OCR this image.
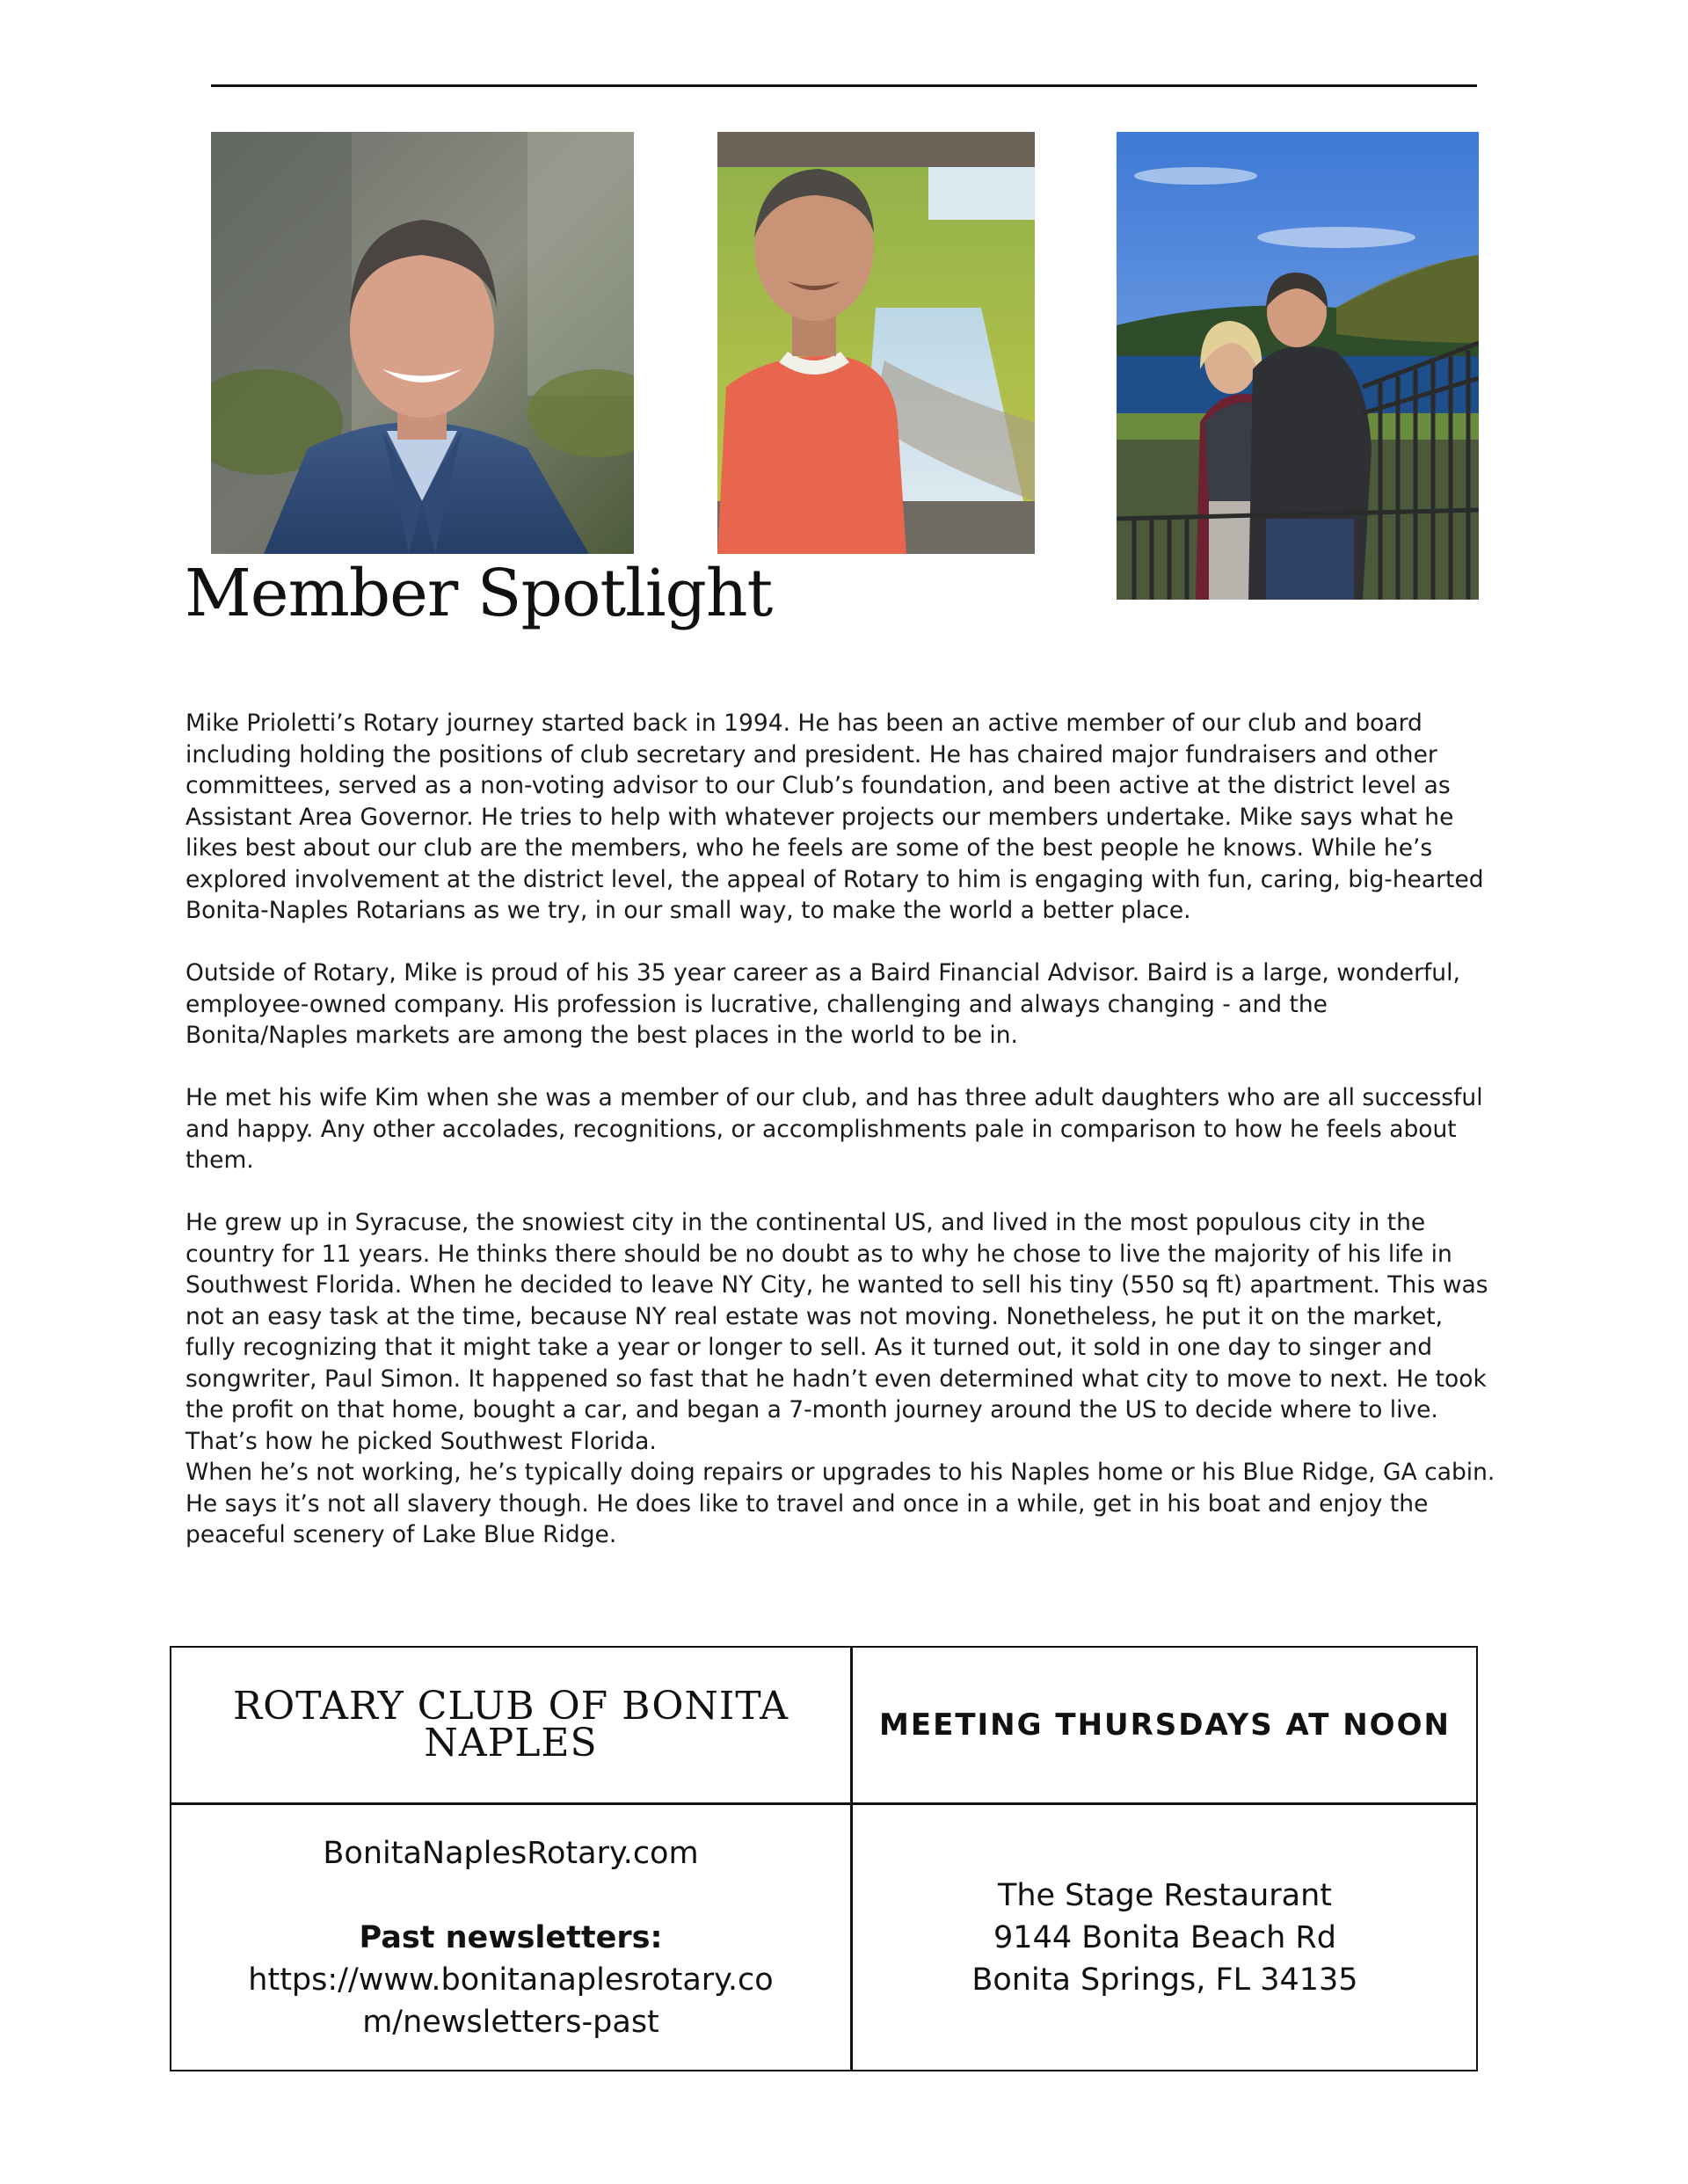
Member Spotlight

Mike Prioletti’s Rotary journey started back in 1994. He has been an active member of our club and board including holding the positions of club secretary and president. He has chaired major fundraisers and other committees, served as a non-voting advisor to our Club’s foundation, and been active at the district level as Assistant Area Governor. He tries to help with whatever projects our members undertake. Mike says what he likes best about our club are the members, who he feels are some of the best people he knows. While he’s explored involvement at the district level, the appeal of Rotary to him is engaging with fun, caring, big-hearted Bonita-Naples Rotarians as we try, in our small way, to make the world a better place.

Outside of Rotary, Mike is proud of his 35 year career as a Baird Financial Advisor. Baird is a large, wonderful, employee-owned company. His profession is lucrative, challenging and always changing - and the Bonita/Naples markets are among the best places in the world to be in.

He met his wife Kim when she was a member of our club, and has three adult daughters who are all successful and happy. Any other accolades, recognitions, or accomplishments pale in comparison to how he feels about them.

He grew up in Syracuse, the snowiest city in the continental US, and lived in the most populous city in the country for 11 years. He thinks there should be no doubt as to why he chose to live the majority of his life in Southwest Florida. When he decided to leave NY City, he wanted to sell his tiny (550 sq ft) apartment. This was not an easy task at the time, because NY real estate was not moving. Nonetheless, he put it on the market, fully recognizing that it might take a year or longer to sell. As it turned out, it sold in one day to singer and songwriter, Paul Simon. It happened so fast that he hadn’t even determined what city to move to next. He took the profit on that home, bought a car, and began a 7-month journey around the US to decide where to live. That’s how he picked Southwest Florida.

When he’s not working, he’s typically doing repairs or upgrades to his Naples home or his Blue Ridge, GA cabin. He says it’s not all slavery though. He does like to travel and once in a while, get in his boat and enjoy the peaceful scenery of Lake Blue Ridge.

ROTARY CLUB OF BONITA NAPLES	MEETING THURSDAYS AT NOON
BonitaNaplesRotary.com
Past newsletters:
https://www.bonitanaplesrotary.com/newsletters-past
The Stage Restaurant
9144 Bonita Beach Rd
Bonita Springs, FL 34135
